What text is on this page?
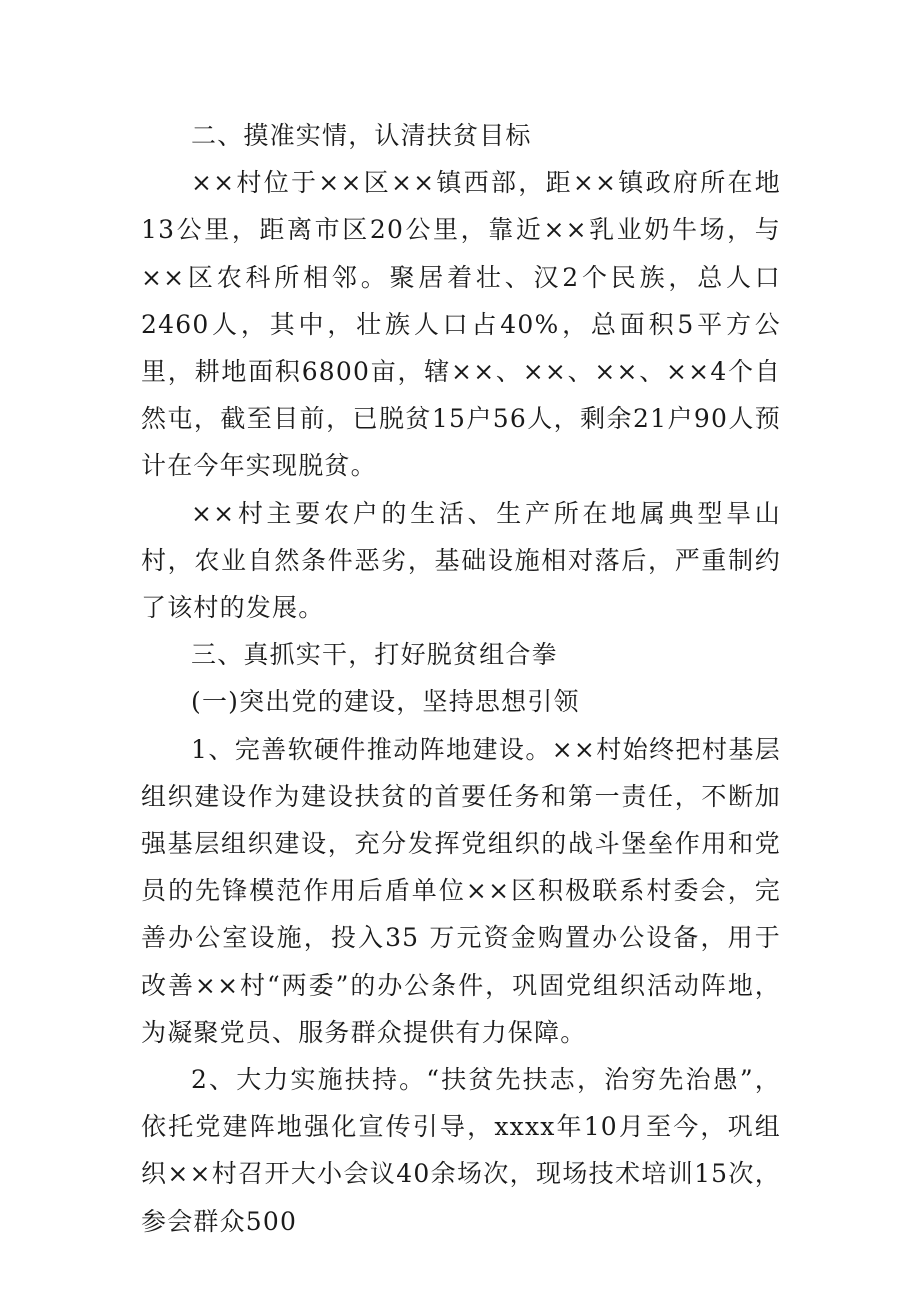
二、摸准实情，认清扶贫目标

××村位于××区××镇西部，距××镇政府所在地13公里，距离市区20公里，靠近××乳业奶牛场，与××区农科所相邻。聚居着壮、汉2个民族，总人口2460人，其中，壮族人口占40%，总面积5平方公里，耕地面积6800亩，辖××、××、××、××4个自然屯，截至目前，已脱贫15户56人，剩余21户90人预计在今年实现脱贫。

××村主要农户的生活、生产所在地属典型旱山村，农业自然条件恶劣，基础设施相对落后，严重制约了该村的发展。

三、真抓实干，打好脱贫组合拳

(一)突出党的建设，坚持思想引领

1、完善软硬件推动阵地建设。××村始终把村基层组织建设作为建设扶贫的首要任务和第一责任，不断加强基层组织建设，充分发挥党组织的战斗堡垒作用和党员的先锋模范作用后盾单位××区积极联系村委会，完善办公室设施，投入35 万元资金购置办公设备，用于改善××村“两委”的办公条件，巩固党组织活动阵地，为凝聚党员、服务群众提供有力保障。

2、大力实施扶持。“扶贫先扶志，治穷先治愚”，依托党建阵地强化宣传引导，xxxx年10月至今，巩组织××村召开大小会议40余场次，现场技术培训15次，参会群众500
